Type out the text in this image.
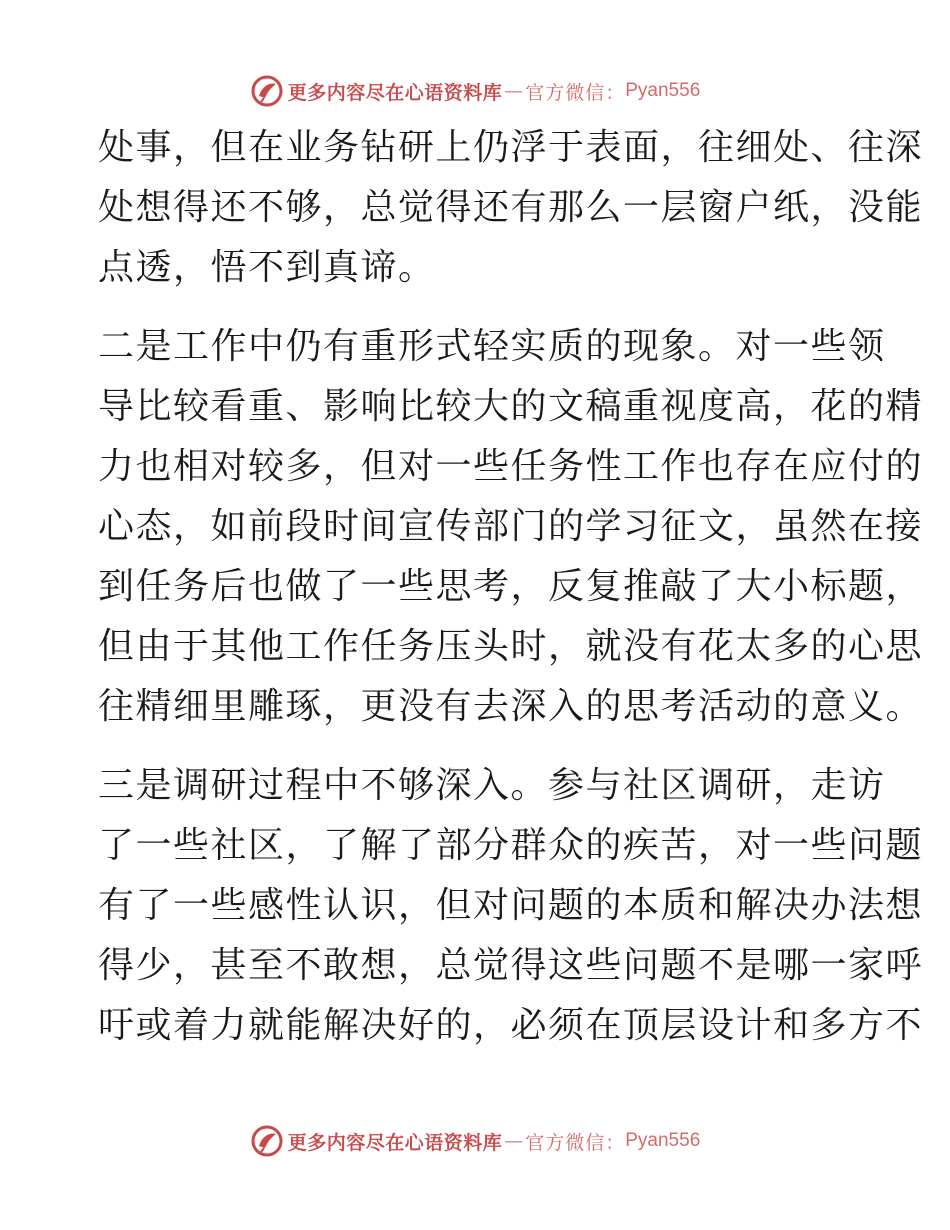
更多内容尽在心语资料库 — 官方微信： Pyan556
处事，但在业务钻研上仍浮于表面，往细处、往深
处想得还不够，总觉得还有那么一层窗户纸，没能
点透，悟不到真谛。
二是工作中仍有重形式轻实质的现象。对一些领
导比较看重、影响比较大的文稿重视度高，花的精
力也相对较多，但对一些任务性工作也存在应付的
心态，如前段时间宣传部门的学习征文，虽然在接
到任务后也做了一些思考，反复推敲了大小标题，
但由于其他工作任务压头时，就没有花太多的心思
往精细里雕琢，更没有去深入的思考活动的意义。
三是调研过程中不够深入。参与社区调研，走访
了一些社区，了解了部分群众的疾苦，对一些问题
有了一些感性认识，但对问题的本质和解决办法想
得少，甚至不敢想，总觉得这些问题不是哪一家呼
吁或着力就能解决好的，必须在顶层设计和多方不
更多内容尽在心语资料库 — 官方微信： Pyan556
